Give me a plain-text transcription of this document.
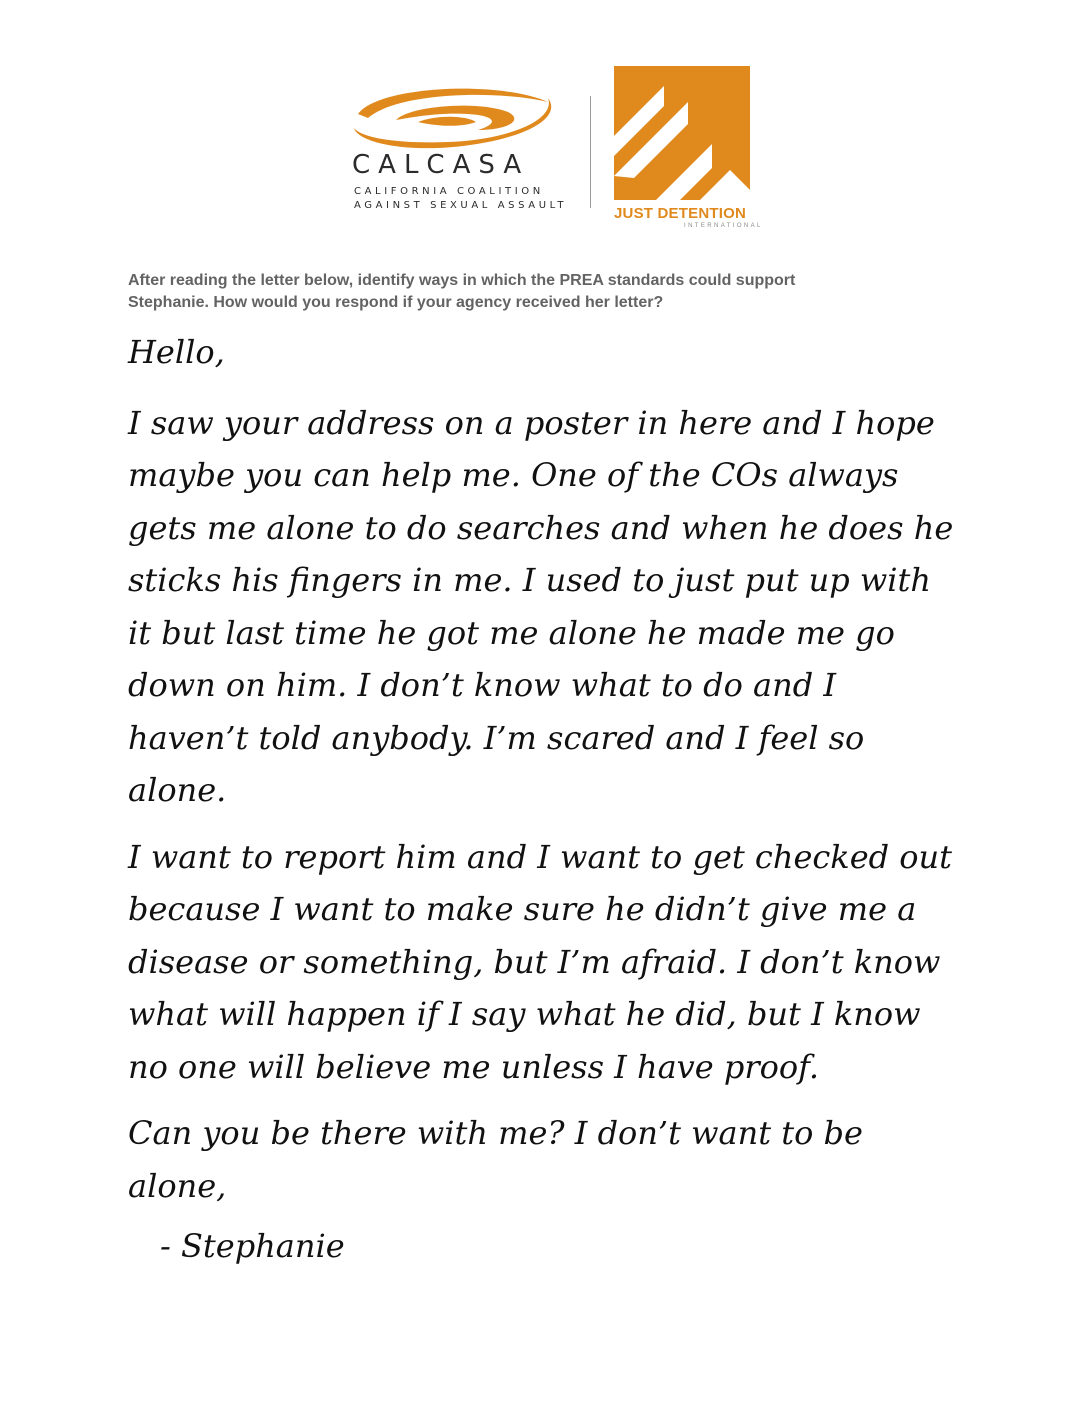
CALCASA
CALIFORNIA COALITION
AGAINST SEXUAL ASSAULT	JUST DETENTION
INTERNATIONAL
After reading the letter below, identify ways in which the PREA standards could support
Stephanie. How would you respond if your agency received her letter?

Hello,

I saw your address on a poster in here and I hope

maybe you can help me. One of the COs always

gets me alone to do searches and when he does he

sticks his fingers in me. I used to just put up with

it but last time he got me alone he made me go

down on him. I don’t know what to do and I

haven’t told anybody. I’m scared and I feel so

alone.

I want to report him and I want to get checked out

because I want to make sure he didn’t give me a

disease or something, but I’m afraid. I don’t know

what will happen if I say what he did, but I know

no one will believe me unless I have proof.

Can you be there with me? I don’t want to be alone,

- Stephanie
